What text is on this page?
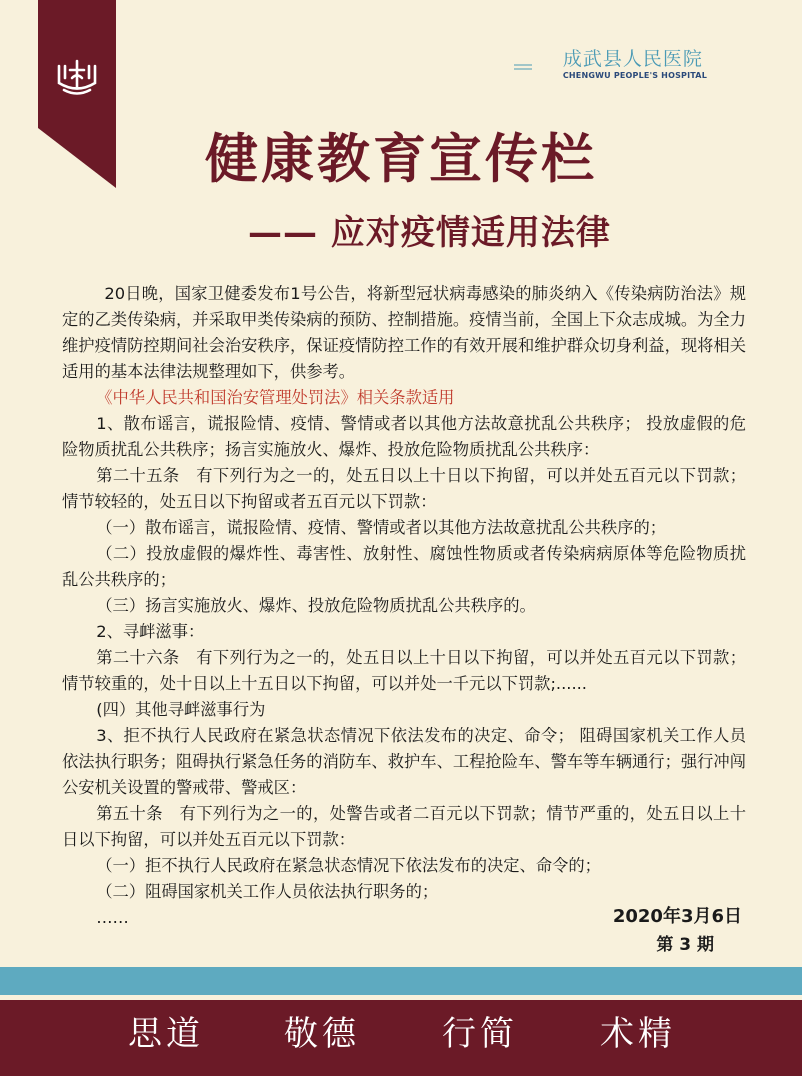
成武县人民医院
CHENGWU PEOPLE'S HOSPITAL
健康教育宣传栏
—— 应对疫情适用法律

20日晚，国家卫健委发布1号公告，将新型冠状病毒感染的肺炎纳入《传染病防治法》规定的乙类传染病，并采取甲类传染病的预防、控制措施。疫情当前，全国上下众志成城。为全力维护疫情防控期间社会治安秩序，保证疫情防控工作的有效开展和维护群众切身利益，现将相关适用的基本法律法规整理如下，供参考。

《中华人民共和国治安管理处罚法》相关条款适用

1、散布谣言，谎报险情、疫情、警情或者以其他方法故意扰乱公共秩序； 投放虚假的危险物质扰乱公共秩序；扬言实施放火、爆炸、投放危险物质扰乱公共秩序：

第二十五条　有下列行为之一的，处五日以上十日以下拘留，可以并处五百元以下罚款；情节较轻的，处五日以下拘留或者五百元以下罚款：

（一）散布谣言，谎报险情、疫情、警情或者以其他方法故意扰乱公共秩序的；

（二）投放虚假的爆炸性、毒害性、放射性、腐蚀性物质或者传染病病原体等危险物质扰乱公共秩序的；

（三）扬言实施放火、爆炸、投放危险物质扰乱公共秩序的。

2、寻衅滋事：

第二十六条　有下列行为之一的，处五日以上十日以下拘留，可以并处五百元以下罚款；情节较重的，处十日以上十五日以下拘留，可以并处一千元以下罚款;......

(四）其他寻衅滋事行为

3、拒不执行人民政府在紧急状态情况下依法发布的决定、命令； 阻碍国家机关工作人员依法执行职务；阻碍执行紧急任务的消防车、救护车、工程抢险车、警车等车辆通行；强行冲闯公安机关设置的警戒带、警戒区：

第五十条　有下列行为之一的，处警告或者二百元以下罚款；情节严重的，处五日以上十日以下拘留，可以并处五百元以下罚款：

（一）拒不执行人民政府在紧急状态情况下依法发布的决定、命令的；

（二）阻碍国家机关工作人员依法执行职务的；

……	2020年3月6日
第 3 期
思道 敬德 行简 术精
